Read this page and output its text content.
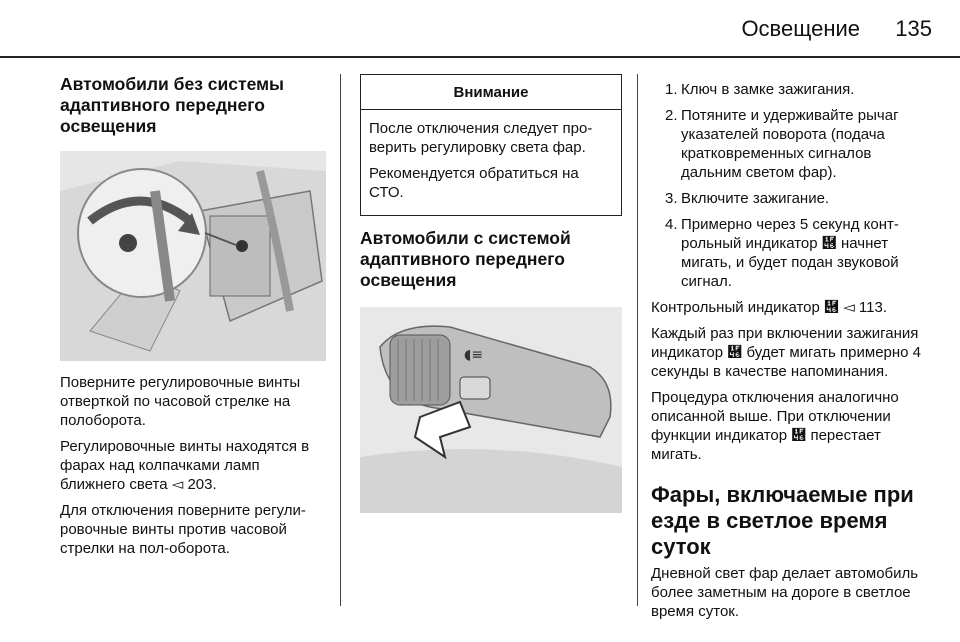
Освещение	135
Автомобили без системы адаптивного переднего освещения

Поверните регулировочные винты отверткой по часовой стрелке на полоборота.

Регулировочные винты находятся в фарах над колпачками ламп ближнего света ◅ 203.

Для отключения поверните регулировочные винты против часовой стрелки на пол-оборота.

Внимание

После отключения следует проверить регулировку света фар.

Рекомендуется обратиться на СТО.

Автомобили с системой адаптивного переднего освещения
◖≡
1. Ключ в замке зажигания.
2. Потяните и удерживайте рычаг указателей поворота (подача кратковременных сигналов дальним светом фар).
3. Включите зажигание.
4. Примерно через 5 секунд контрольный индикатор ὆ начнет мигать, и будет подан звуковой сигнал.

Контрольный индикатор ὆ ◅ 113.

Каждый раз при включении зажигания индикатор ὆ будет мигать примерно 4 секунды в качестве напоминания.

Процедура отключения аналогично описанной выше. При отключении функции индикатор ὆ перестает мигать.

Фары, включаемые при езде в светлое время суток

Дневной свет фар делает автомобиль более заметным на дороге в светлое время суток.
